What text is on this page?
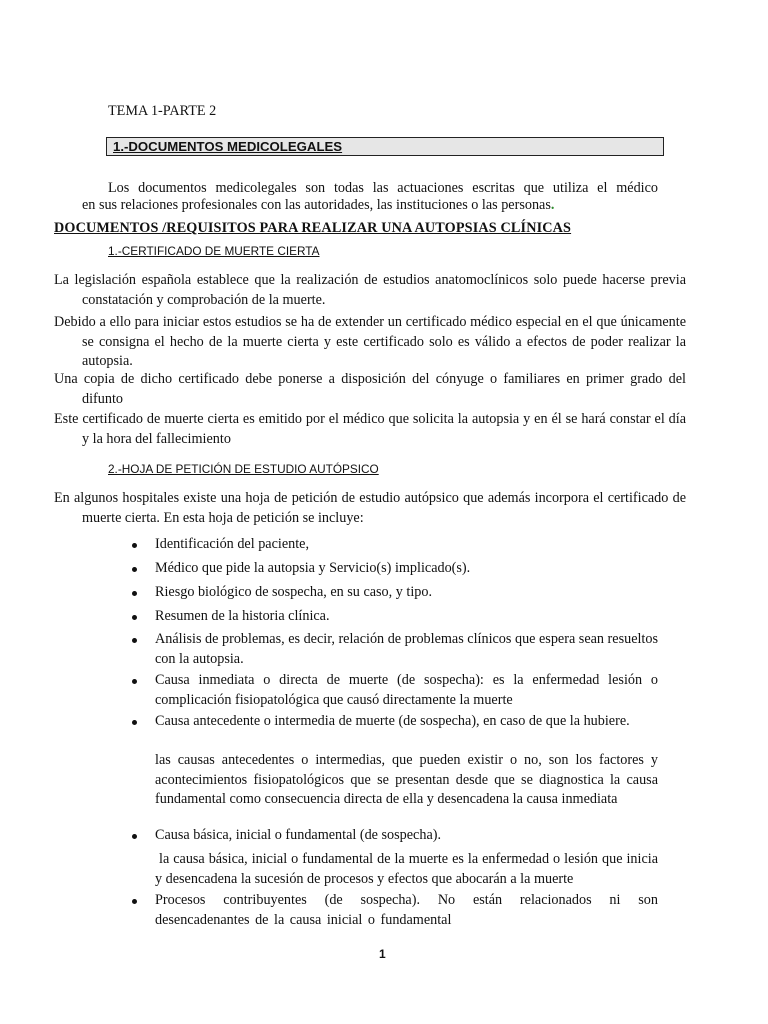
TEMA 1-PARTE 2
1.-DOCUMENTOS MEDICOLEGALES
Los documentos medicolegales son todas las actuaciones escritas que utiliza el médico
en sus relaciones profesionales con las autoridades, las instituciones o las personas.
DOCUMENTOS /REQUISITOS PARA REALIZAR UNA AUTOPSIAS CLÍNICAS
1.-CERTIFICADO DE MUERTE CIERTA
La legislación española establece que la realización de estudios anatomoclínicos solo puede hacerse previa constatación y comprobación de la muerte.
Debido a ello para iniciar estos estudios se ha de extender un certificado médico especial en el que únicamente se consigna el hecho de la muerte cierta y este certificado solo es válido a efectos de poder realizar la autopsia.
Una copia de dicho certificado debe ponerse a disposición del cónyuge o familiares en primer grado del difunto
Este certificado de muerte cierta es emitido por el médico que solicita la autopsia y en él se hará constar el día y la hora del fallecimiento
2.-HOJA DE PETICIÓN DE ESTUDIO AUTÓPSICO
En algunos hospitales existe una hoja de petición de estudio autópsico que además incorpora el certificado de muerte cierta. En esta hoja de petición se incluye:
Identificación del paciente,
Médico que pide la autopsia y Servicio(s) implicado(s).
Riesgo biológico de sospecha, en su caso, y tipo.
Resumen de la historia clínica.
Análisis de problemas, es decir, relación de problemas clínicos que espera sean resueltos con la autopsia.
Causa inmediata o directa de muerte (de sospecha): es la enfermedad lesión o complicación fisiopatológica que causó directamente la muerte
Causa antecedente o intermedia de muerte (de sospecha), en caso de que la hubiere.
las causas antecedentes o intermedias, que pueden existir o no, son los factores y acontecimientos fisiopatológicos que se presentan desde que se diagnostica la causa fundamental como consecuencia directa de ella y desencadena la causa inmediata
Causa básica, inicial o fundamental (de sospecha).
la causa básica, inicial o fundamental de la muerte es la enfermedad o lesión que inicia y desencadena la sucesión de procesos y efectos que abocarán a la muerte
Procesos contribuyentes (de sospecha). No están relacionados ni son desencadenantes de la causa inicial o fundamental
1
